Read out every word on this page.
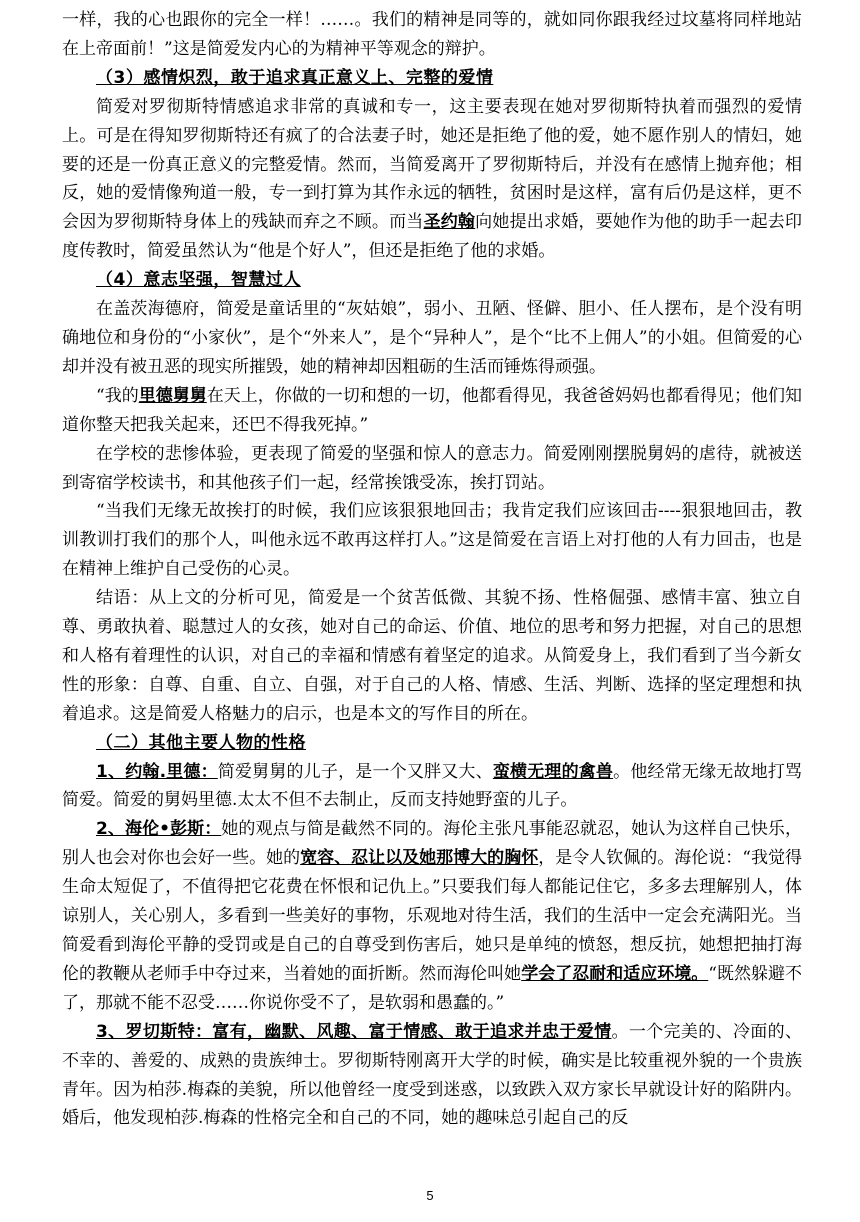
一样，我的心也跟你的完全一样！……。我们的精神是同等的，就如同你跟我经过坟墓将同样地站在上帝面前！”这是简爱发内心的为精神平等观念的辩护。

（3）感情炽烈，敢于追求真正意义上、完整的爱情

简爱对罗彻斯特情感追求非常的真诚和专一，这主要表现在她对罗彻斯特执着而强烈的爱情上。可是在得知罗彻斯特还有疯了的合法妻子时，她还是拒绝了他的爱，她不愿作别人的情妇，她要的还是一份真正意义的完整爱情。然而，当简爱离开了罗彻斯特后，并没有在感情上抛弃他；相反，她的爱情像殉道一般，专一到打算为其作永远的牺牲，贫困时是这样，富有后仍是这样，更不会因为罗彻斯特身体上的残缺而弃之不顾。而当圣约翰向她提出求婚，要她作为他的助手一起去印度传教时，简爱虽然认为“他是个好人”，但还是拒绝了他的求婚。

（4）意志坚强，智慧过人

在盖茨海德府，简爱是童话里的“灰姑娘”，弱小、丑陋、怪僻、胆小、任人摆布，是个没有明确地位和身份的“小家伙”，是个“外来人”，是个“异种人”，是个“比不上佣人”的小姐。但简爱的心却并没有被丑恶的现实所摧毁，她的精神却因粗砺的生活而锤炼得顽强。

“我的里德舅舅在天上，你做的一切和想的一切，他都看得见，我爸爸妈妈也都看得见；他们知道你整天把我关起来，还巴不得我死掉。”

在学校的悲惨体验，更表现了简爱的坚强和惊人的意志力。简爱刚刚摆脱舅妈的虐待，就被送到寄宿学校读书，和其他孩子们一起，经常挨饿受冻，挨打罚站。

“当我们无缘无故挨打的时候，我们应该狠狠地回击；我肯定我们应该回击----狠狠地回击，教训教训打我们的那个人，叫他永远不敢再这样打人。”这是简爱在言语上对打他的人有力回击，也是在精神上维护自己受伤的心灵。

结语：从上文的分析可见，简爱是一个贫苦低微、其貌不扬、性格倔强、感情丰富、独立自尊、勇敢执着、聪慧过人的女孩，她对自己的命运、价值、地位的思考和努力把握，对自己的思想和人格有着理性的认识，对自己的幸福和情感有着坚定的追求。从简爱身上，我们看到了当今新女性的形象：自尊、自重、自立、自强，对于自己的人格、情感、生活、判断、选择的坚定理想和执着追求。这是简爱人格魅力的启示，也是本文的写作目的所在。

（二）其他主要人物的性格

1、约翰.里德：简爱舅舅的儿子，是一个又胖又大、蛮横无理的禽兽。他经常无缘无故地打骂简爱。简爱的舅妈里德.太太不但不去制止，反而支持她野蛮的儿子。

2、海伦•彭斯：她的观点与简是截然不同的。海伦主张凡事能忍就忍，她认为这样自己快乐，别人也会对你也会好一些。她的宽容、忍让以及她那博大的胸怀，是令人钦佩的。海伦说：“我觉得生命太短促了，不值得把它花费在怀恨和记仇上。”只要我们每人都能记住它，多多去理解别人，体谅别人，关心别人，多看到一些美好的事物，乐观地对待生活，我们的生活中一定会充满阳光。当简爱看到海伦平静的受罚或是自己的自尊受到伤害后，她只是单纯的愤怒，想反抗，她想把抽打海伦的教鞭从老师手中夺过来，当着她的面折断。然而海伦叫她学会了忍耐和适应环境。“既然躲避不了，那就不能不忍受……你说你受不了，是软弱和愚蠢的。”

3、罗切斯特：富有，幽默、风趣、富于情感、敢于追求并忠于爱情。一个完美的、冷面的、不幸的、善爱的、成熟的贵族绅士。罗彻斯特刚离开大学的时候，确实是比较重视外貌的一个贵族青年。因为柏莎.梅森的美貌，所以他曾经一度受到迷惑，以致跌入双方家长早就设计好的陷阱内。婚后，他发现柏莎.梅森的性格完全和自己的不同，她的趣味总引起自己的反

5
